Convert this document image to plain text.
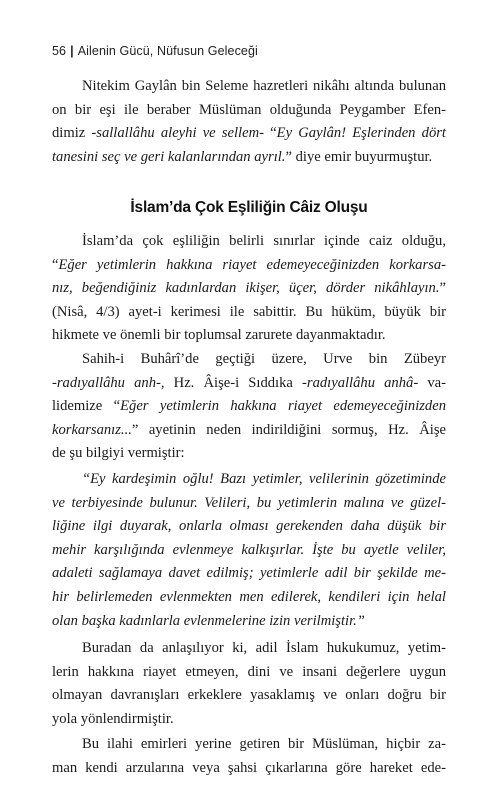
56 | Ailenin Gücü, Nüfusun Geleceği
Nitekim Gaylân bin Seleme hazretleri nikâhı altında bulunan
on bir eşi ile beraber Müslüman olduğunda Peygamber Efen-
dimiz -sallallâhu aleyhi ve sellem- “Ey Gaylân! Eşlerinden dört
tanesini seç ve geri kalanlarından ayrıl.” diye emir buyurmuştur.
İslam’da Çok Eşliliğin Câiz Oluşu
İslam’da çok eşliliğin belirli sınırlar içinde caiz olduğu,
“Eğer yetimlerin hakkına riayet edemeyeceğinizden korkarsa-
nız, beğendiğiniz kadınlardan ikişer, üçer, dörder nikâhlayın.”
(Nisâ, 4/3) ayet-i kerimesi ile sabittir. Bu hüküm, büyük bir
hikmete ve önemli bir toplumsal zarurete dayanmaktadır.
Sahih-i Buhârî’de geçtiği üzere, Urve bin Zübeyr
-radıyallâhu anh-, Hz. Âişe-i Sıddıka -radıyallâhu anhâ- va-
lidemize “Eğer yetimlerin hakkına riayet edemeyeceğinizden
korkarsanız...” ayetinin neden indirildiğini sormuş, Hz. Âişe
de şu bilgiyi vermiştir:
“Ey kardeşimin oğlu! Bazı yetimler, velilerinin gözetiminde
ve terbiyesinde bulunur. Velileri, bu yetimlerin malına ve güzel-
liğine ilgi duyarak, onlarla olması gerekenden daha düşük bir
mehir karşılığında evlenmeye kalkışırlar. İşte bu ayetle veliler,
adaleti sağlamaya davet edilmiş; yetimlerle adil bir şekilde me-
hir belirlemeden evlenmekten men edilerek, kendileri için helal
olan başka kadınlarla evlenmelerine izin verilmiştir.”
Buradan da anlaşılıyor ki, adil İslam hukukumuz, yetim-
lerin hakkına riayet etmeyen, dini ve insani değerlere uygun
olmayan davranışları erkeklere yasaklamış ve onları doğru bir
yola yönlendirmiştir.
Bu ilahi emirleri yerine getiren bir Müslüman, hiçbir za-
man kendi arzularına veya şahsi çıkarlarına göre hareket ede-
